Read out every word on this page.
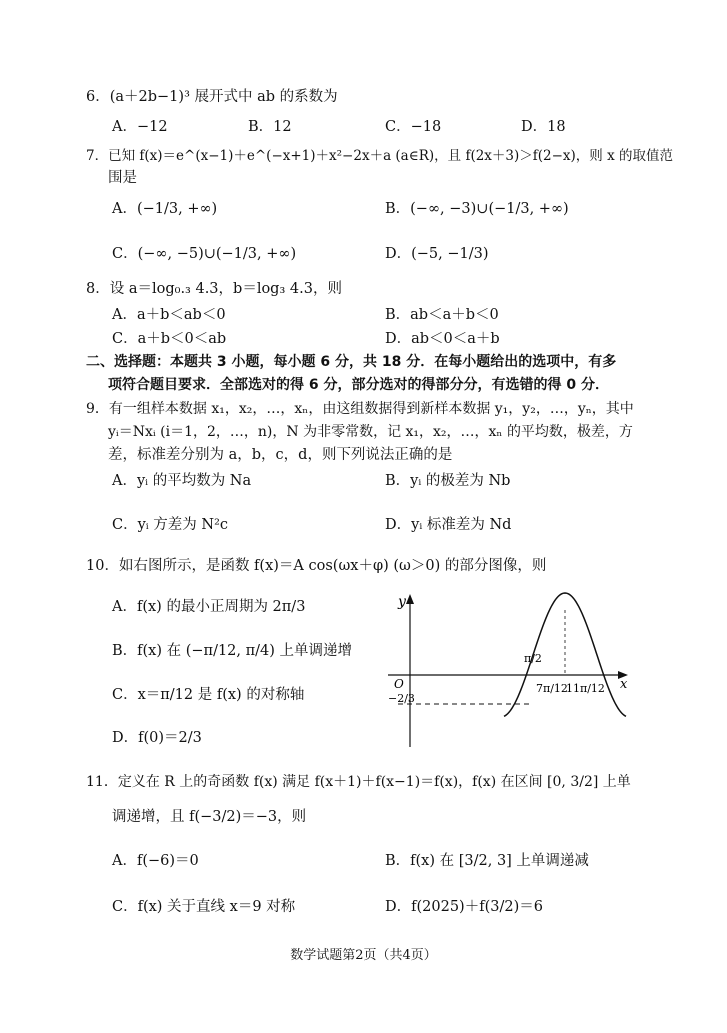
6．(a＋2b−1)³ 展开式中 ab 的系数为
A．−12	B．12	C．−18	D．18
7．已知 f(x)＝e^(x−1)＋e^(−x+1)＋x²−2x＋a (a∈R)，且 f(2x＋3)＞f(2−x)，则 x 的取值范
围是
A．(−1/3, +∞)	B．(−∞, −3)∪(−1/3, +∞)
C．(−∞, −5)∪(−1/3, +∞)	D．(−5, −1/3)
8．设 a＝log₀.₃ 4.3，b＝log₃ 4.3，则
A．a＋b＜ab＜0	B．ab＜a＋b＜0
C．a＋b＜0＜ab	D．ab＜0＜a＋b
二、选择题：本题共 3 小题，每小题 6 分，共 18 分．在每小题给出的选项中，有多
项符合题目要求．全部选对的得 6 分，部分选对的得部分分，有选错的得 0 分．
9．有一组样本数据 x₁，x₂，…，xₙ，由这组数据得到新样本数据 y₁，y₂，…，yₙ，其中
yᵢ＝Nxᵢ (i＝1，2，…，n)，N 为非零常数，记 x₁，x₂，…，xₙ 的平均数，极差，方
差，标准差分别为 a，b，c，d，则下列说法正确的是
A．yᵢ 的平均数为 Na	B．yᵢ 的极差为 Nb
C．yᵢ 方差为 N²c	D．yᵢ 标准差为 Nd
10．如右图所示，是函数 f(x)＝A cos(ωx＋φ) (ω＞0) 的部分图像，则
A．f(x) 的最小正周期为 2π/3
B．f(x) 在 (−π/12, π/4) 上单调递增
C．x＝π/12 是 f(x) 的对称轴
D．f(0)＝2/3
y
x
O
π/2
7π/12
11π/12
−2/3
11．定义在 R 上的奇函数 f(x) 满足 f(x＋1)＋f(x−1)＝f(x)，f(x) 在区间 [0, 3/2] 上单
调递增，且 f(−3/2)＝−3，则
A．f(−6)＝0	B．f(x) 在 [3/2, 3] 上单调递减
C．f(x) 关于直线 x＝9 对称	D．f(2025)＋f(3/2)＝6
数学试题第2页（共4页）
